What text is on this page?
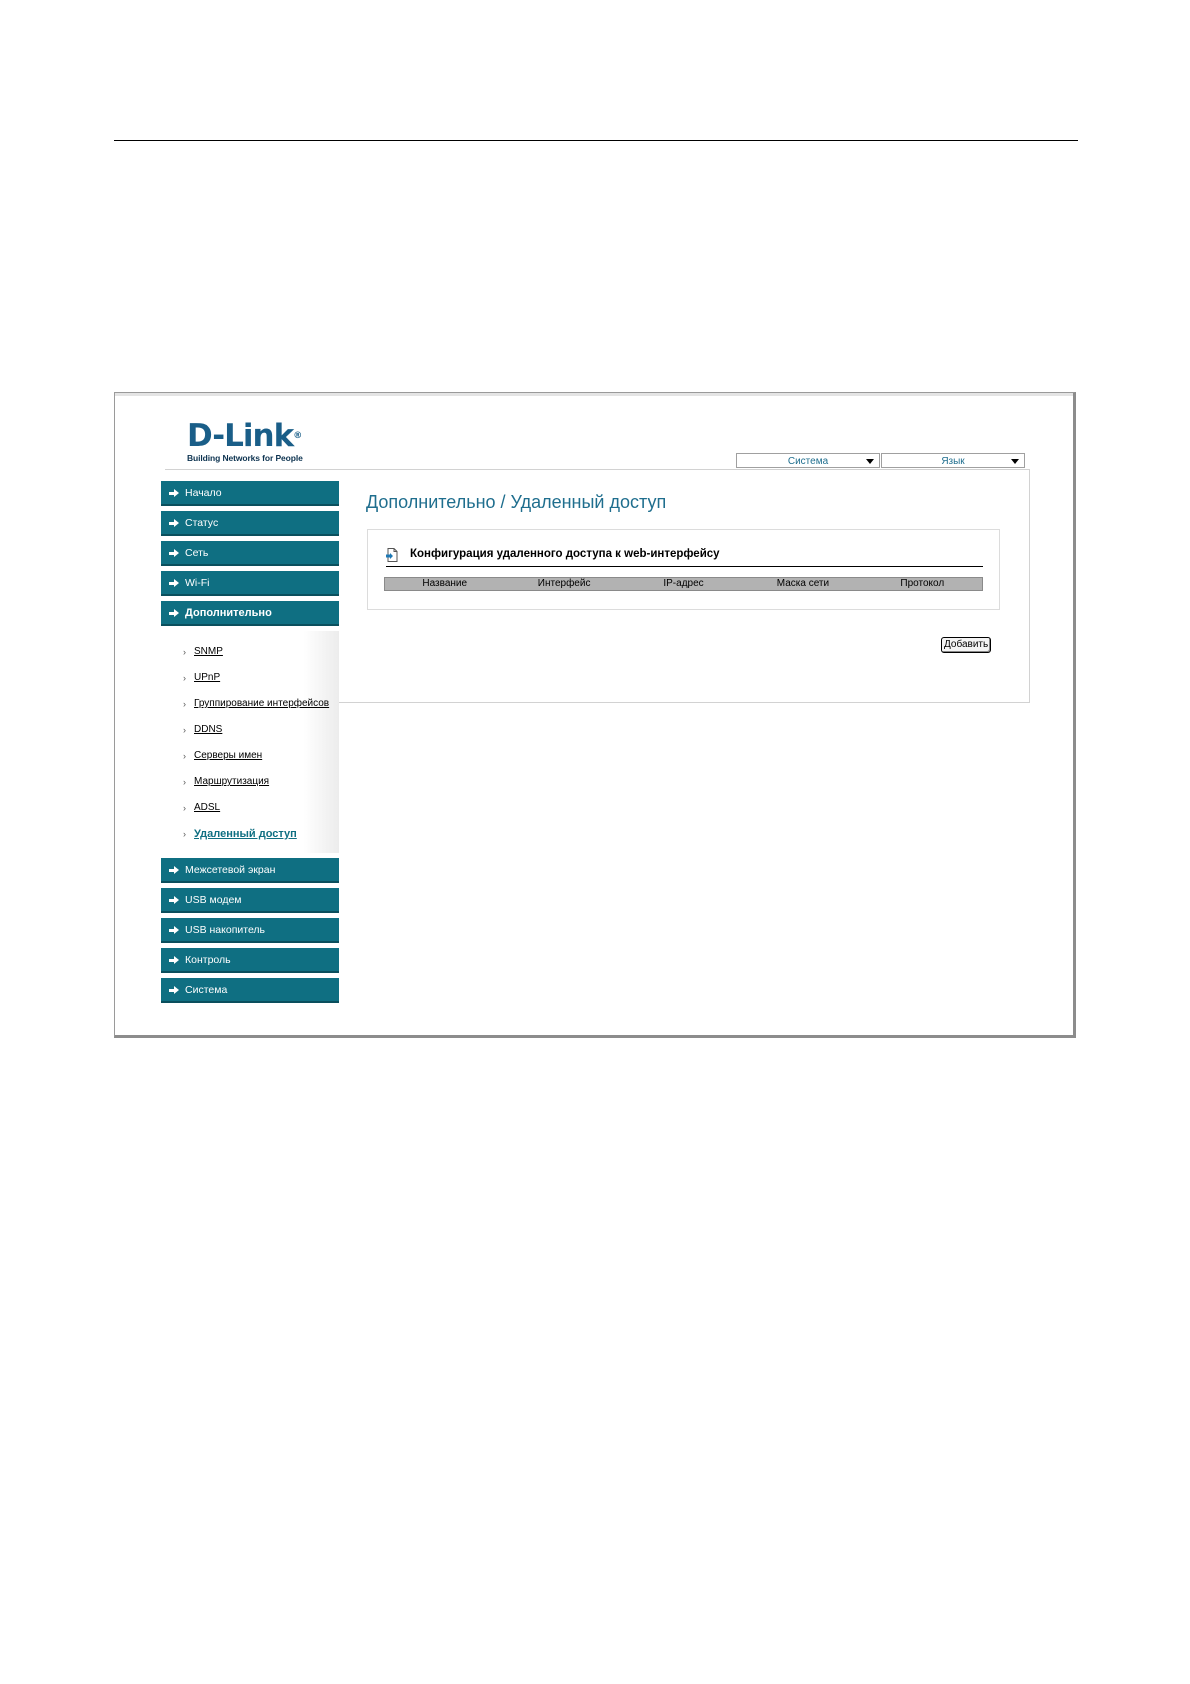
D-Link®
Building Networks for People	Система	Язык
Дополнительно / Удаленный доступ
Конфигурация удаленного доступа к web-интерфейсу
Название	Интерфейс	IP-адрес	Маска сети	Протокол
Добавить
Начало
Статус
Сеть
Wi-Fi
Дополнительно
› SNMP
› UPnP
› Группирование интерфейсов
› DDNS
› Серверы имен
› Маршрутизация
› ADSL
› Удаленный доступ
Межсетевой экран
USB модем
USB накопитель
Контроль
Система
